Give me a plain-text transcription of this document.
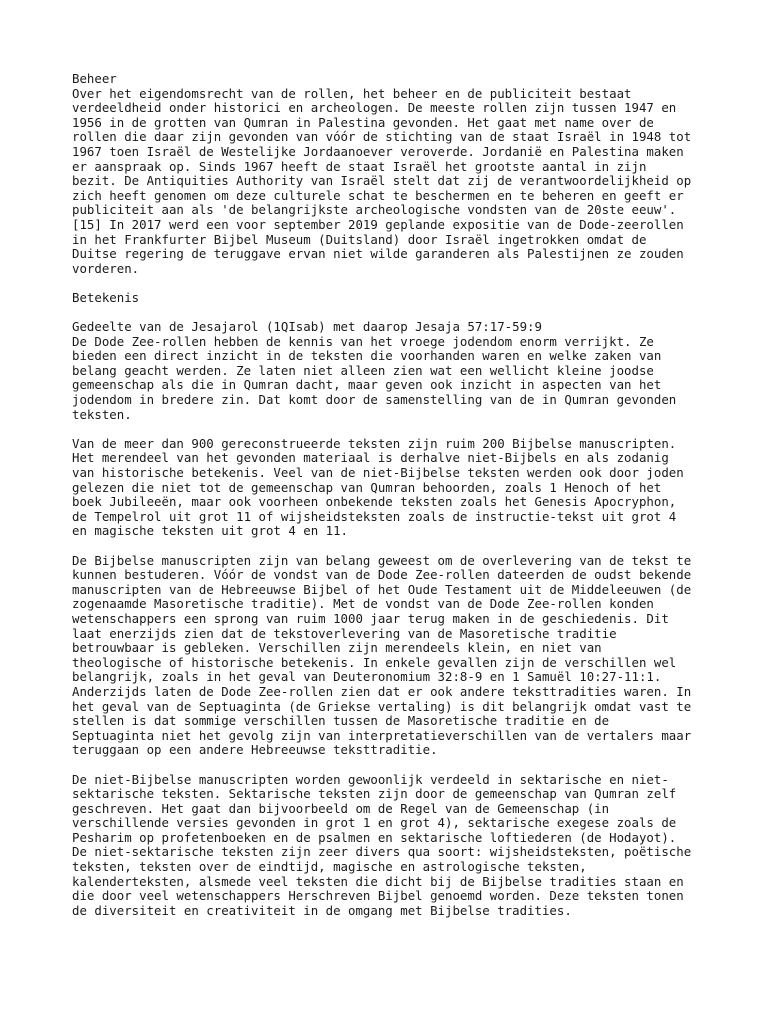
Beheer
Over het eigendomsrecht van de rollen, het beheer en de publiciteit bestaat
verdeeldheid onder historici en archeologen. De meeste rollen zijn tussen 1947 en
1956 in de grotten van Qumran in Palestina gevonden. Het gaat met name over de
rollen die daar zijn gevonden van vóór de stichting van de staat Israël in 1948 tot
1967 toen Israël de Westelijke Jordaanoever veroverde. Jordanië en Palestina maken
er aanspraak op. Sinds 1967 heeft de staat Israël het grootste aantal in zijn
bezit. De Antiquities Authority van Israël stelt dat zij de verantwoordelijkheid op
zich heeft genomen om deze culturele schat te beschermen en te beheren en geeft er
publiciteit aan als 'de belangrijkste archeologische vondsten van de 20ste eeuw'.
[15] In 2017 werd een voor september 2019 geplande expositie van de Dode-zeerollen
in het Frankfurter Bijbel Museum (Duitsland) door Israël ingetrokken omdat de
Duitse regering de teruggave ervan niet wilde garanderen als Palestijnen ze zouden
vorderen.
Betekenis
Gedeelte van de Jesajarol (1QIsab) met daarop Jesaja 57:17-59:9
De Dode Zee-rollen hebben de kennis van het vroege jodendom enorm verrijkt. Ze
bieden een direct inzicht in de teksten die voorhanden waren en welke zaken van
belang geacht werden. Ze laten niet alleen zien wat een wellicht kleine joodse
gemeenschap als die in Qumran dacht, maar geven ook inzicht in aspecten van het
jodendom in bredere zin. Dat komt door de samenstelling van de in Qumran gevonden
teksten.
Van de meer dan 900 gereconstrueerde teksten zijn ruim 200 Bijbelse manuscripten.
Het merendeel van het gevonden materiaal is derhalve niet-Bijbels en als zodanig
van historische betekenis. Veel van de niet-Bijbelse teksten werden ook door joden
gelezen die niet tot de gemeenschap van Qumran behoorden, zoals 1 Henoch of het
boek Jubileeën, maar ook voorheen onbekende teksten zoals het Genesis Apocryphon,
de Tempelrol uit grot 11 of wijsheidsteksten zoals de instructie-tekst uit grot 4
en magische teksten uit grot 4 en 11.
De Bijbelse manuscripten zijn van belang geweest om de overlevering van de tekst te
kunnen bestuderen. Vóór de vondst van de Dode Zee-rollen dateerden de oudst bekende
manuscripten van de Hebreeuwse Bijbel of het Oude Testament uit de Middeleeuwen (de
zogenaamde Masoretische traditie). Met de vondst van de Dode Zee-rollen konden
wetenschappers een sprong van ruim 1000 jaar terug maken in de geschiedenis. Dit
laat enerzijds zien dat de tekstoverlevering van de Masoretische traditie
betrouwbaar is gebleken. Verschillen zijn merendeels klein, en niet van
theologische of historische betekenis. In enkele gevallen zijn de verschillen wel
belangrijk, zoals in het geval van Deuteronomium 32:8-9 en 1 Samuël 10:27-11:1.
Anderzijds laten de Dode Zee-rollen zien dat er ook andere teksttradities waren. In
het geval van de Septuaginta (de Griekse vertaling) is dit belangrijk omdat vast te
stellen is dat sommige verschillen tussen de Masoretische traditie en de
Septuaginta niet het gevolg zijn van interpretatieverschillen van de vertalers maar
teruggaan op een andere Hebreeuwse teksttraditie.
De niet-Bijbelse manuscripten worden gewoonlijk verdeeld in sektarische en niet-
sektarische teksten. Sektarische teksten zijn door de gemeenschap van Qumran zelf
geschreven. Het gaat dan bijvoorbeeld om de Regel van de Gemeenschap (in
verschillende versies gevonden in grot 1 en grot 4), sektarische exegese zoals de
Pesharim op profetenboeken en de psalmen en sektarische loftiederen (de Hodayot).
De niet-sektarische teksten zijn zeer divers qua soort: wijsheidsteksten, poëtische
teksten, teksten over de eindtijd, magische en astrologische teksten,
kalenderteksten, alsmede veel teksten die dicht bij de Bijbelse tradities staan en
die door veel wetenschappers Herschreven Bijbel genoemd worden. Deze teksten tonen
de diversiteit en creativiteit in de omgang met Bijbelse tradities.
